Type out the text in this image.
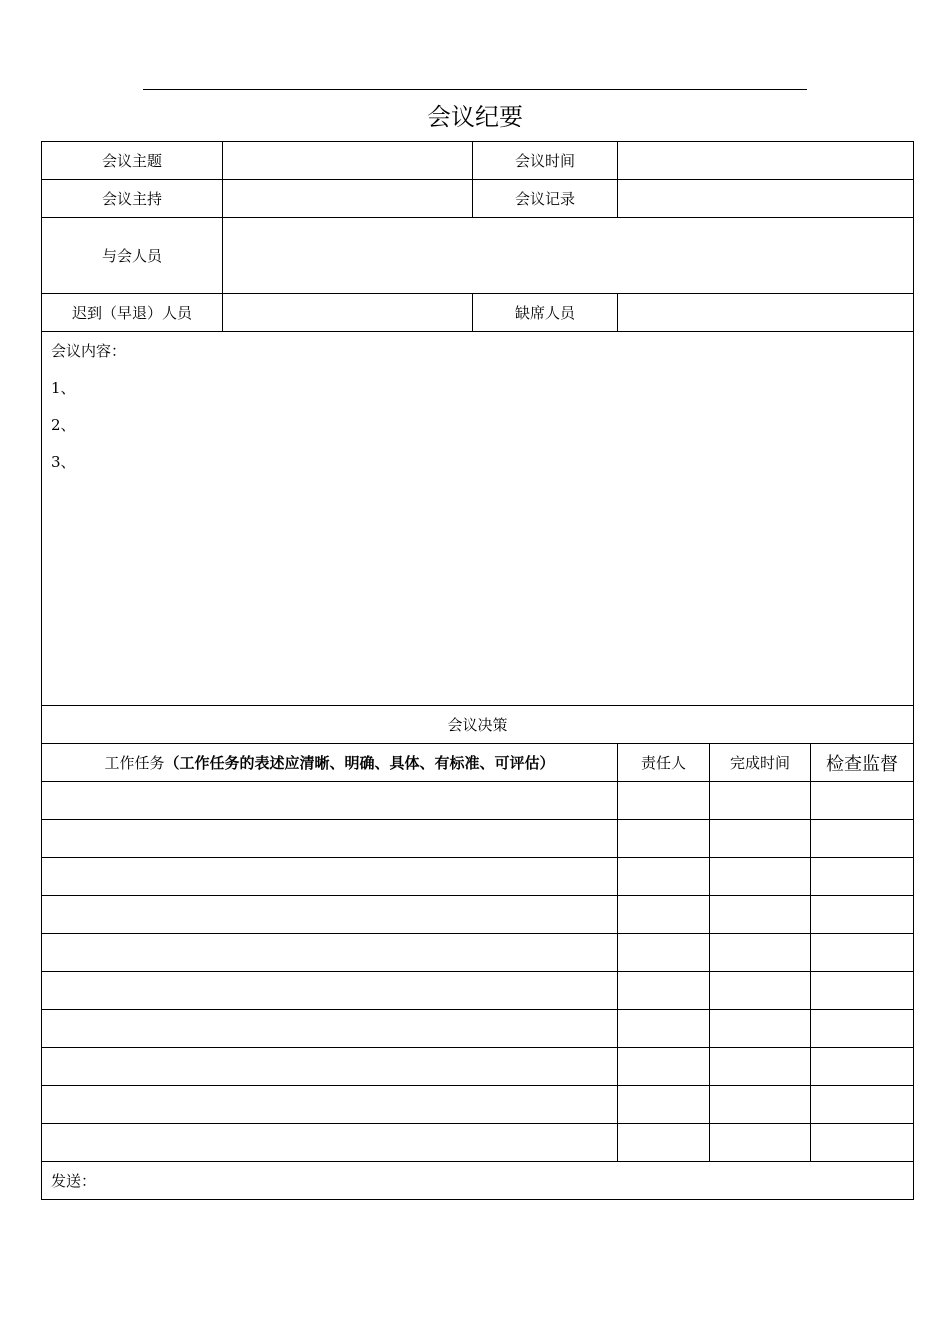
会议纪要
会议主题		会议时间			
会议主持		会议记录			
与会人员					
迟到（早退）人员		缺席人员			

会议内容：
1、
2、
3、					

会议决策					
工作任务（工作任务的表述应清晰、明确、具体、有标准、可评估）			责任人	完成时间	检查监督

发送：					
